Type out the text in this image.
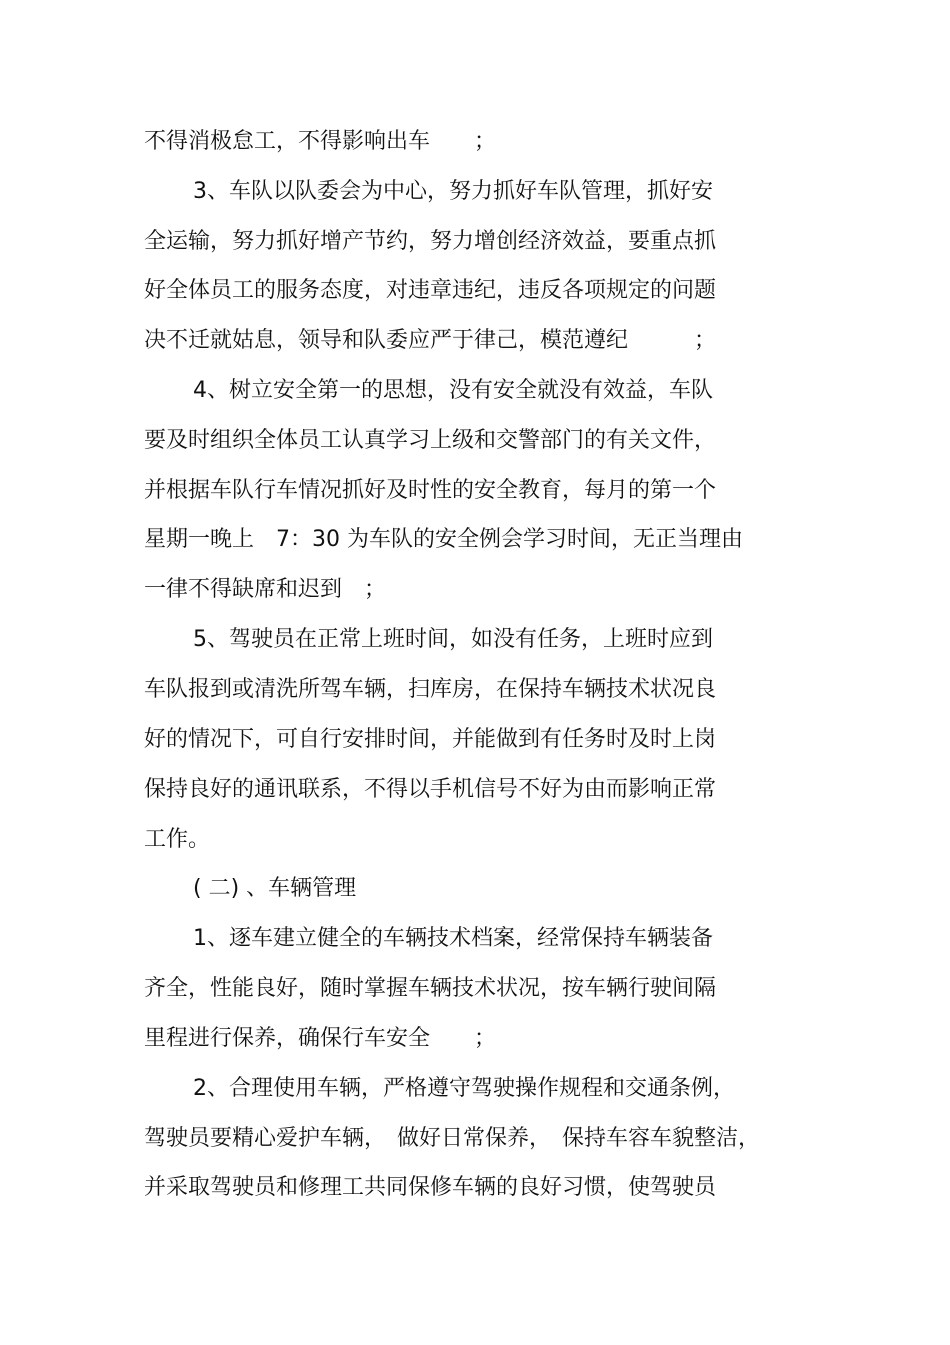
不得消极怠工，不得影响出车　　；
3、车队以队委会为中心，努力抓好车队管理，抓好安
全运输，努力抓好增产节约，努力增创经济效益，要重点抓
好全体员工的服务态度，对违章违纪，违反各项规定的问题
决不迁就姑息，领导和队委应严于律己，模范遵纪　　　；
4、树立安全第一的思想，没有安全就没有效益，车队
要及时组织全体员工认真学习上级和交警部门的有关文件，
并根据车队行车情况抓好及时性的安全教育，每月的第一个
星期一晚上　7：30 为车队的安全例会学习时间，无正当理由
一律不得缺席和迟到　；
5、驾驶员在正常上班时间，如没有任务，上班时应到
车队报到或清洗所驾车辆，扫库房，在保持车辆技术状况良
好的情况下，可自行安排时间，并能做到有任务时及时上岗
保持良好的通讯联系，不得以手机信号不好为由而影响正常
工作。
( 二) 、车辆管理
1、逐车建立健全的车辆技术档案，经常保持车辆装备
齐全，性能良好，随时掌握车辆技术状况，按车辆行驶间隔
里程进行保养，确保行车安全　　；
2、合理使用车辆，严格遵守驾驶操作规程和交通条例，
驾驶员要精心爱护车辆，　做好日常保养，　保持车容车貌整洁，
并采取驾驶员和修理工共同保修车辆的良好习惯，使驾驶员
